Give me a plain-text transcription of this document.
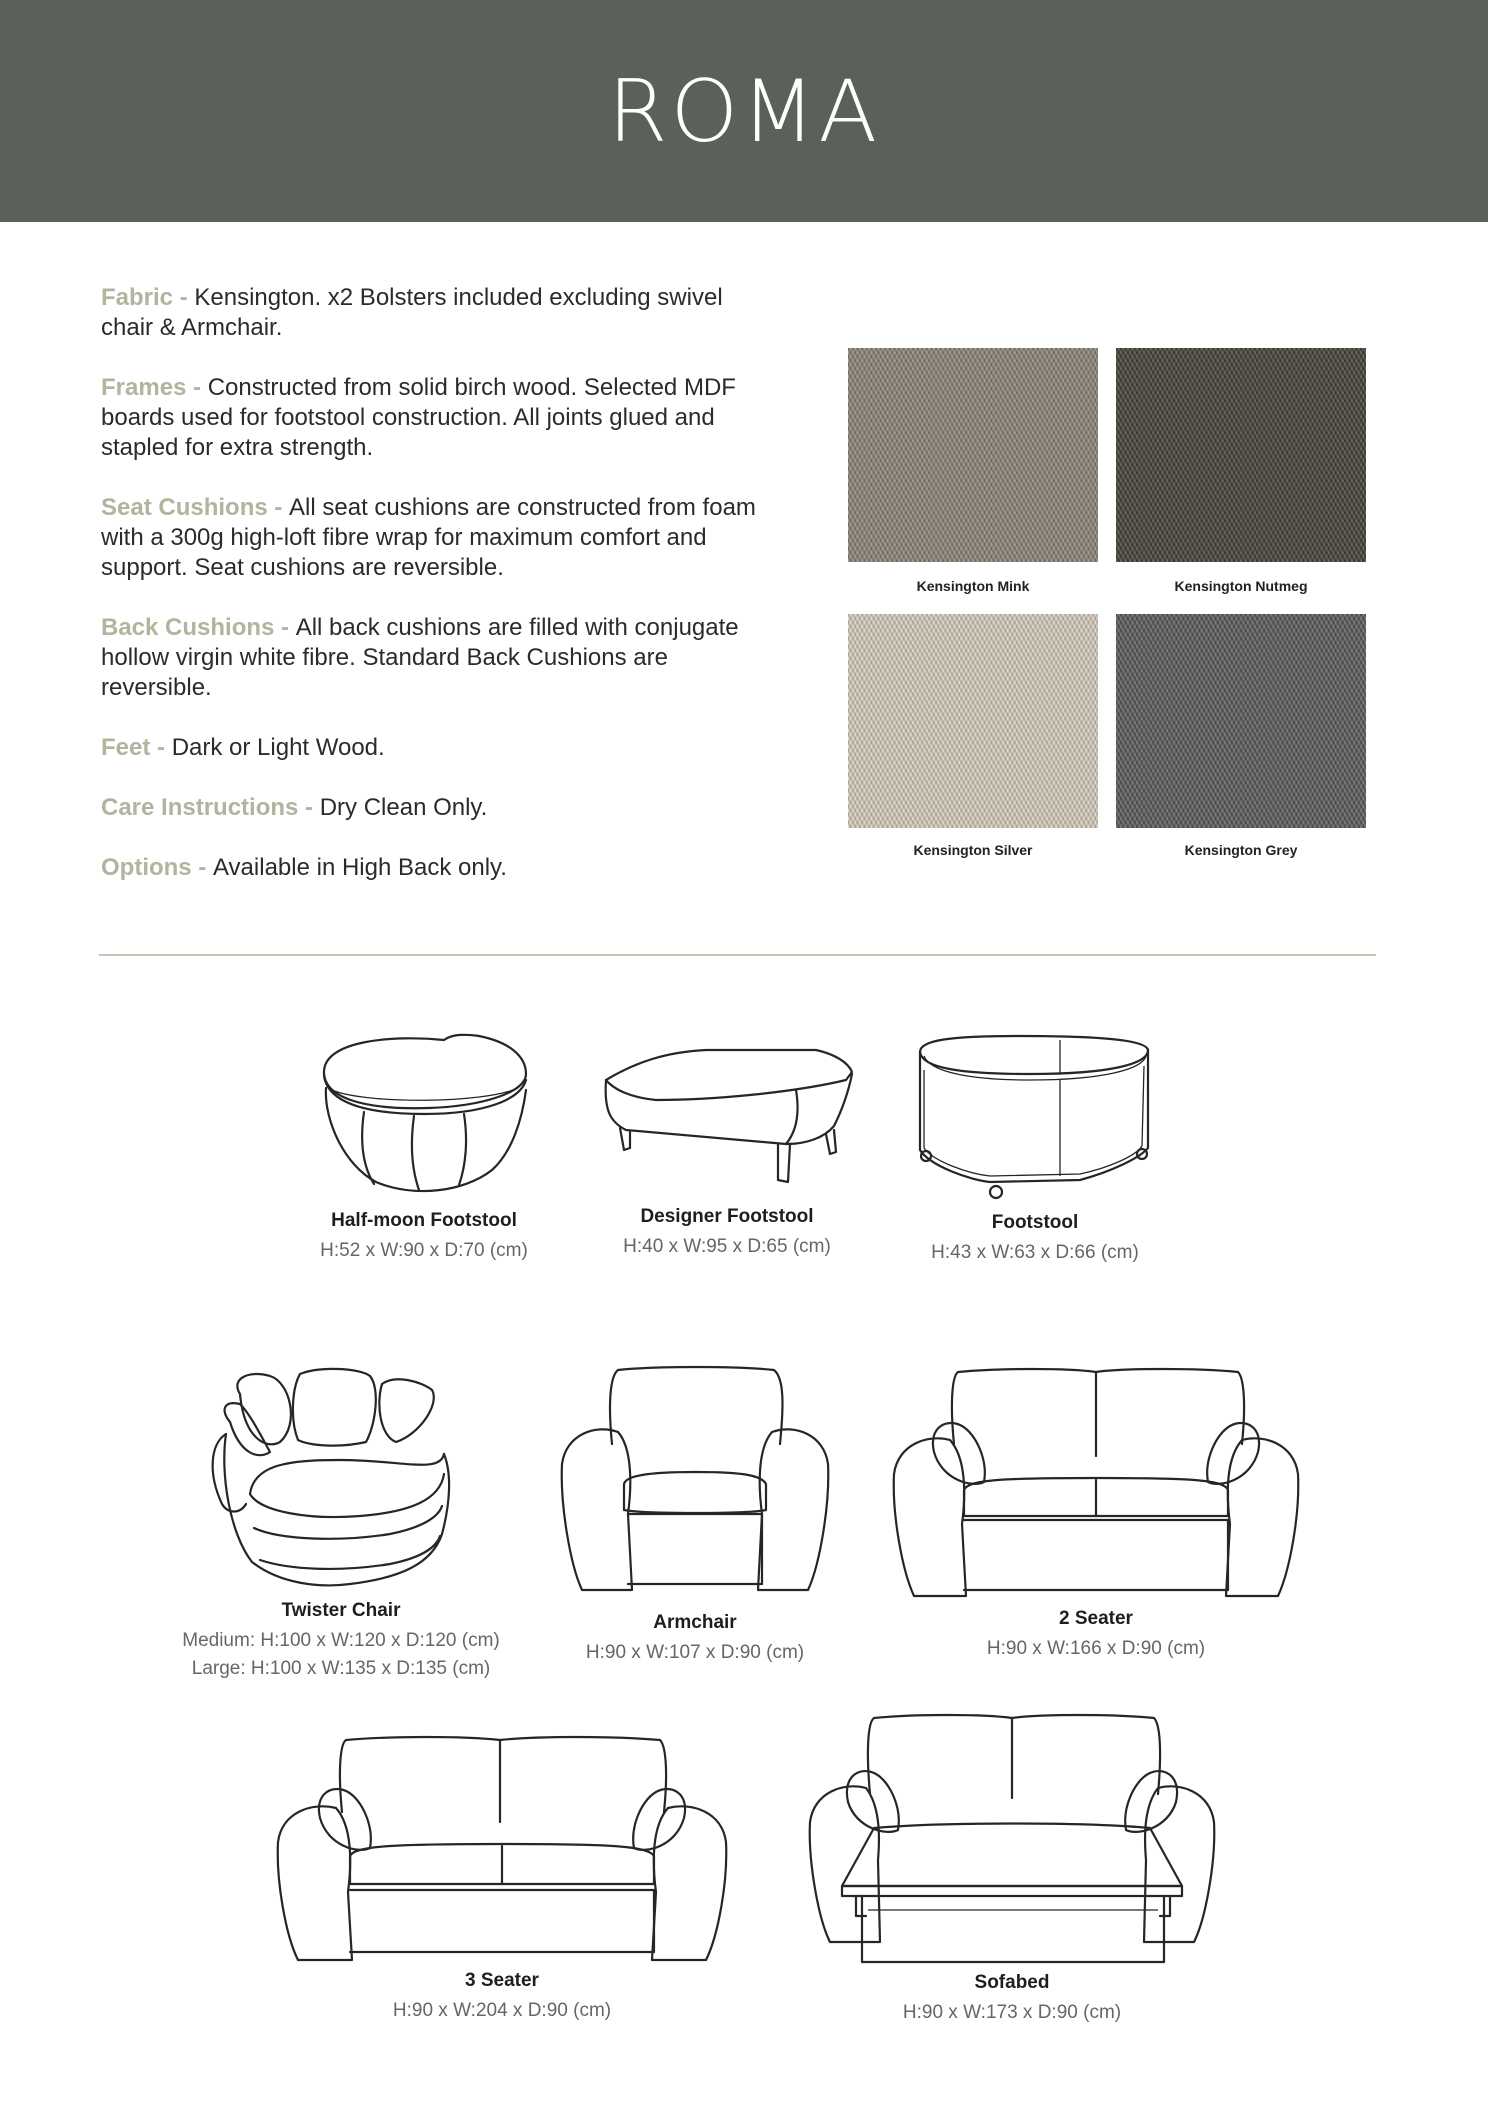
ROMA
Fabric - Kensington. x2 Bolsters included excluding swivel chair & Armchair.
Frames - Constructed from solid birch wood. Selected MDF boards used for footstool construction. All joints glued and stapled for extra strength.
Seat Cushions - All seat cushions are constructed from foam with a 300g high-loft fibre wrap for maximum comfort and support. Seat cushions are reversible.
Back Cushions - All back cushions are filled with conjugate hollow virgin white fibre. Standard Back Cushions are reversible.
Feet - Dark or Light Wood.
Care Instructions - Dry Clean Only.
Options - Available in High Back only.
Kensington Mink	Kensington Nutmeg
Kensington Silver	Kensington Grey
Half-moon Footstool
H:52 x W:90 x D:70 (cm)
Designer Footstool
H:40 x W:95 x D:65 (cm)
Footstool
H:43 x W:63 x D:66 (cm)
Twister Chair
Medium: H:100 x W:120 x D:120 (cm)
Large: H:100 x W:135 x D:135 (cm)
Armchair
H:90 x W:107 x D:90 (cm)
2 Seater
H:90 x W:166 x D:90 (cm)
3 Seater
H:90 x W:204 x D:90 (cm)
Sofabed
H:90 x W:173 x D:90 (cm)
